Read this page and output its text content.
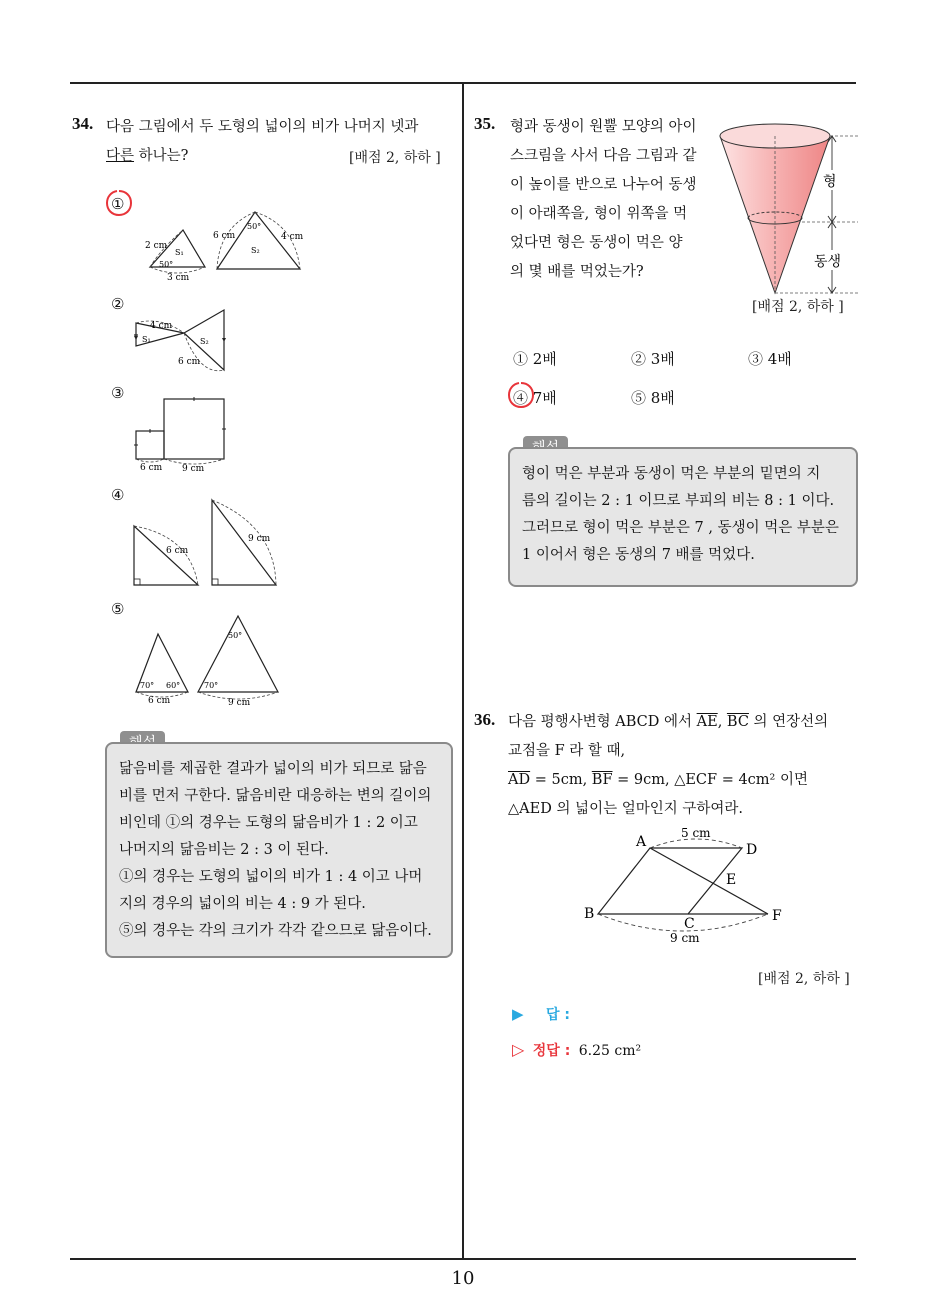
10
34. 다음 그림에서 두 도형의 넓이의 비가 나머지 넷과
다른 하나는?	[배점 2, 하하 ]
①
2 cm
50°
S₁
3 cm
6 cm
50°
4 cm
S₂
②
4 cm
S₁	S₂
6 cm
③
6 cm 9 cm
④
6 cm
9 cm
⑤
70° 60°
6 cm
50°
70°
9 cm
닮음비를 제곱한 결과가 넓이의 비가 되므로 닮음
비를 먼저 구한다. 닮음비란 대응하는 변의 길이의
비인데 ①의 경우는 도형의 닮음비가 1 : 2 이고
나머지의 닮음비는 2 : 3 이 된다.
①의 경우는 도형의 넓이의 비가 1 : 4 이고 나머
지의 경우의 넓이의 비는 4 : 9 가 된다.
⑤의 경우는 각의 크기가 각각 같으므로 닮음이다.
35. 형과 동생이 원뿔 모양의 아이
스크림을 사서 다음 그림과 같
이 높이를 반으로 나누어 동생
이 아래쪽을, 형이 위쪽을 먹
었다면 형은 동생이 먹은 양
의 몇 배를 먹었는가?
형
동생
[배점 2, 하하 ]
① 2배	② 3배	③ 4배
④ 7배	⑤ 8배
형이 먹은 부분과 동생이 먹은 부분의 밑면의 지
름의 길이는 2 : 1 이므로 부피의 비는 8 : 1 이다.
그러므로 형이 먹은 부분은 7 , 동생이 먹은 부분은
1 이어서 형은 동생의 7 배를 먹었다.
36. 다음 평행사변형 ABCD 에서 $\overline{AE}$, $\overline{BC}$ 의 연장선의
교점을 F 라 할 때,
$\overline{AD} = 5cm$, $\overline{BF} = 9cm$, △ECF = 4cm² 이면
△AED 의 넓이는 얼마인지 구하여라.
A	D
E
B
C	F
5 cm
9 cm
[배점 2, 하하 ]
▶ 답 :
▷ 정답 : 6.25 cm²
